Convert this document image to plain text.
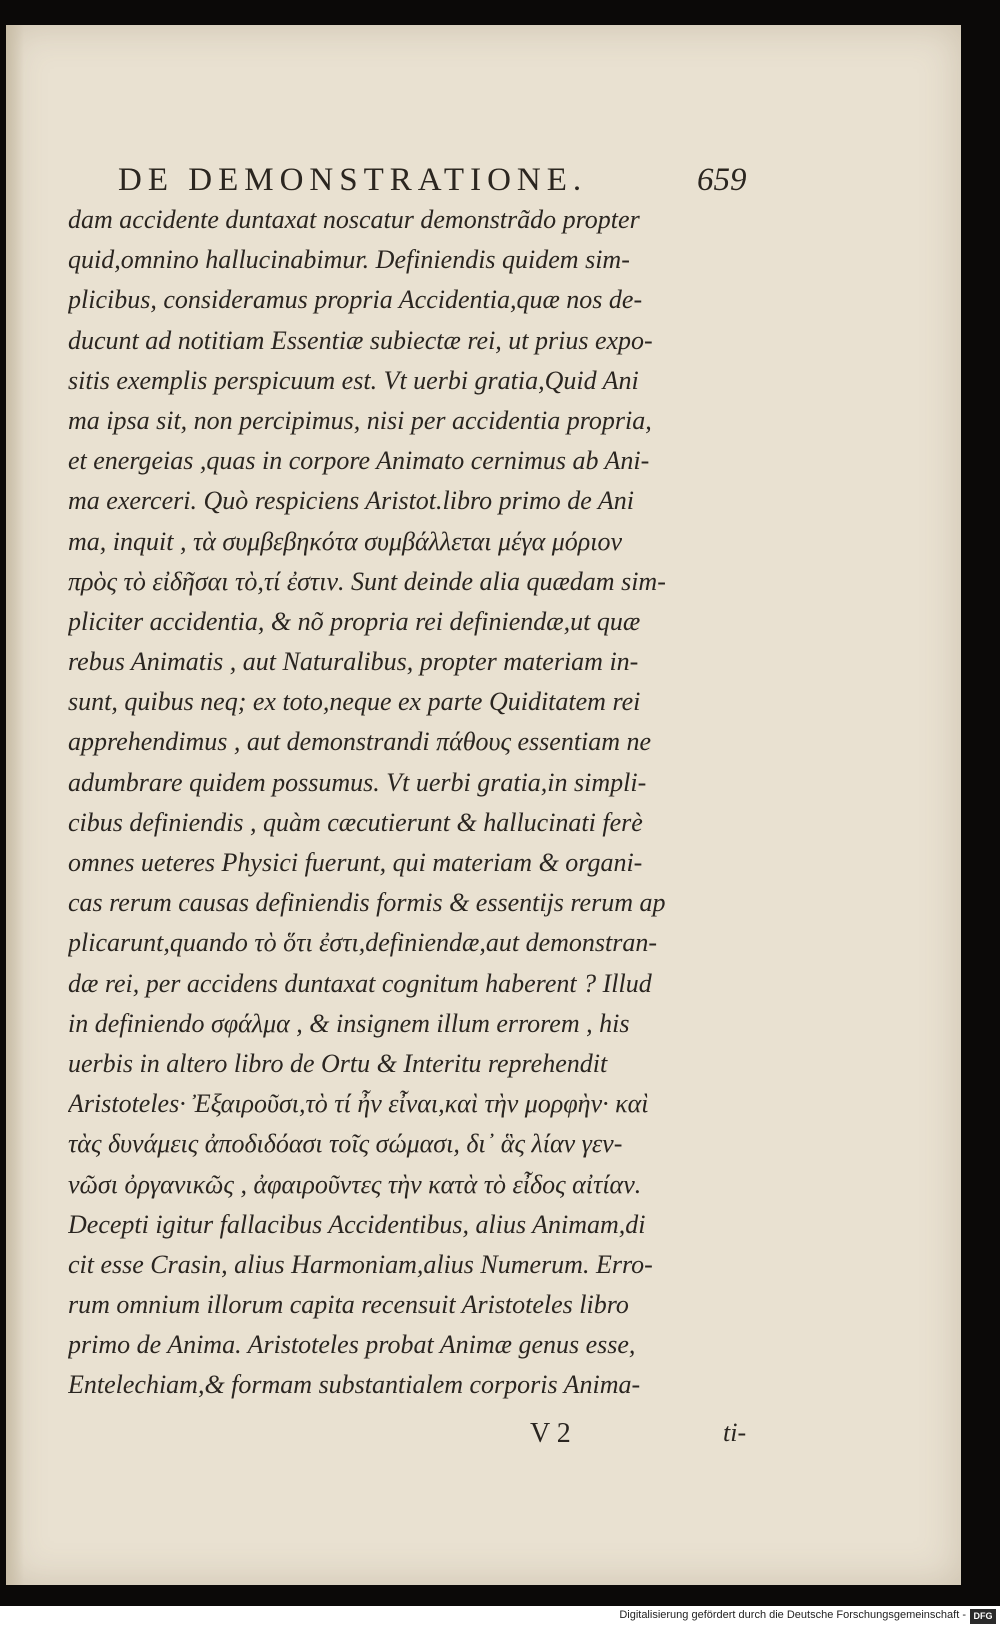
DE DEMONSTRATIONE.	659
dam accidente duntaxat noscatur demonstrãdo propter
quid,omnino hallucinabimur. Definiendis quidem sim-
plicibus, consideramus propria Accidentia,quæ nos de-
ducunt ad notitiam Essentiæ subiectæ rei, ut prius expo-
sitis exemplis perspicuum est. Vt uerbi gratia,Quid Ani
ma ipsa sit, non percipimus, nisi per accidentia propria,
et energeias ,quas in corpore Animato cernimus ab Ani-
ma exerceri. Quò respiciens Aristot.libro primo de Ani
ma, inquit , τὰ συμβεβηκότα συμβάλλεται μέγα μόριον
πρὸς τὸ εἰδῆσαι τὸ,τί ἐστιν. Sunt deinde alia quædam sim-
pliciter accidentia, & nõ propria rei definiendæ,ut quæ
rebus Animatis , aut Naturalibus, propter materiam in-
sunt, quibus neq; ex toto,neque ex parte Quiditatem rei
apprehendimus , aut demonstrandi πάθους essentiam ne
adumbrare quidem possumus. Vt uerbi gratia,in simpli-
cibus definiendis , quàm cæcutierunt & hallucinati ferè
omnes ueteres Physici fuerunt, qui materiam & organi-
cas rerum causas definiendis formis & essentijs rerum ap
plicarunt,quando τὸ ὅτι ἐστι,definiendæ,aut demonstran-
dæ rei, per accidens duntaxat cognitum haberent ? Illud
in definiendo σφάλμα , & insignem illum errorem , his
uerbis in altero libro de Ortu & Interitu reprehendit
Aristoteles· Ἐξαιροῦσι,τὸ τί ἦν εἶναι,καὶ τὴν μορφὴν· καὶ
τὰς δυνάμεις ἀποδιδόασι τοῖς σώμασι, δι᾽ ἃς λίαν γεν-
νῶσι ὀργανικῶς , ἀφαιροῦντες τὴν κατὰ τὸ εἶδος αἰτίαν.
Decepti igitur fallacibus Accidentibus, alius Animam,di
cit esse Crasin, alius Harmoniam,alius Numerum. Erro-
rum omnium illorum capita recensuit Aristoteles libro
primo de Anima. Aristoteles probat Animæ genus esse,
Entelechiam,& formam substantialem corporis Anima-
V 2	ti-
Digitalisierung gefördert durch die Deutsche Forschungsgemeinschaft - DFG
